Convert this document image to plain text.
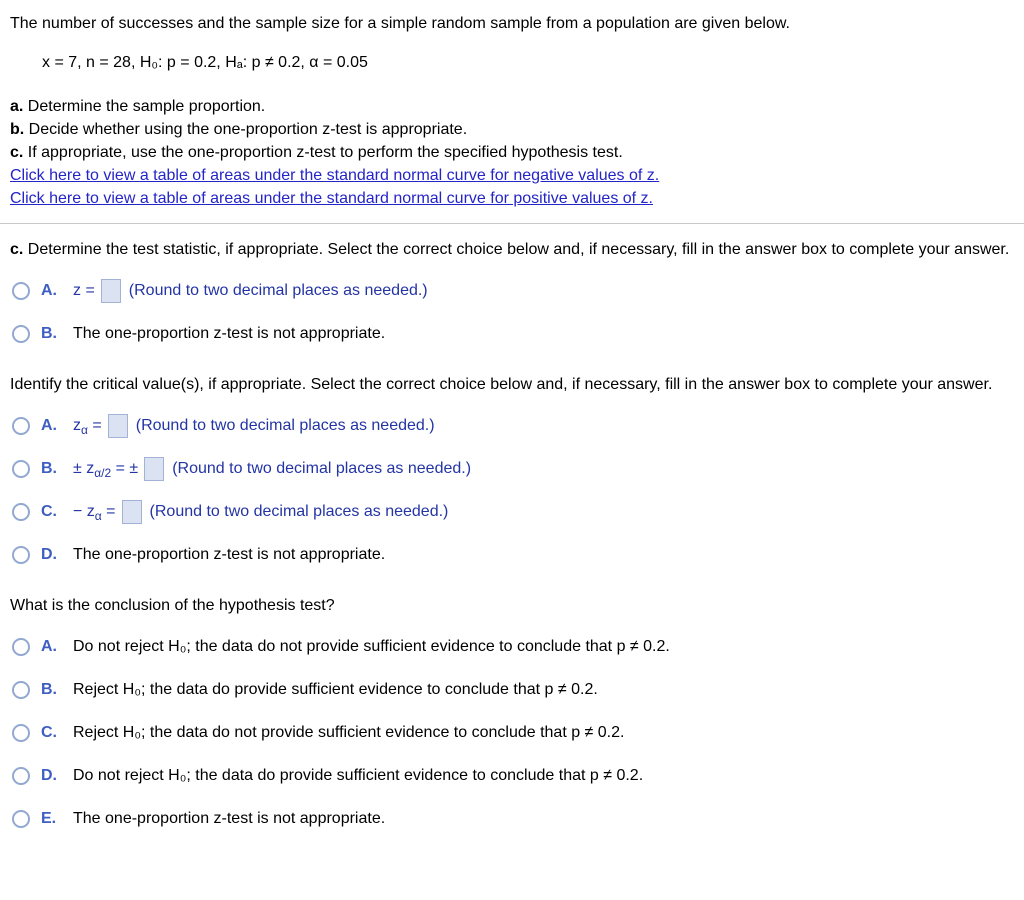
The number of successes and the sample size for a simple random sample from a population are given below.

x = 7, n = 28, H₀: p = 0.2, Hₐ: p ≠ 0.2, α = 0.05

a. Determine the sample proportion.

b. Decide whether using the one-proportion z-test is appropriate.

c. If appropriate, use the one-proportion z-test to perform the specified hypothesis test.

Click here to view a table of areas under the standard normal curve for negative values of z.

Click here to view a table of areas under the standard normal curve for positive values of z.

c. Determine the test statistic, if appropriate. Select the correct choice below and, if necessary, fill in the answer box to complete your answer.

A.	z = (Round to two decimal places as needed.)
B.	The one-proportion z-test is not appropriate.

Identify the critical value(s), if appropriate. Select the correct choice below and, if necessary, fill in the answer box to complete your answer.

A.	$z_\alpha$ = (Round to two decimal places as needed.)
B.	± $z_{\alpha/2}$ = ± (Round to two decimal places as needed.)
C.	− $z_\alpha$ = (Round to two decimal places as needed.)
D.	The one-proportion z-test is not appropriate.

What is the conclusion of the hypothesis test?

A.	Do not reject H₀; the data do not provide sufficient evidence to conclude that p ≠ 0.2.
B.	Reject H₀; the data do provide sufficient evidence to conclude that p ≠ 0.2.
C.	Reject H₀; the data do not provide sufficient evidence to conclude that p ≠ 0.2.
D.	Do not reject H₀; the data do provide sufficient evidence to conclude that p ≠ 0.2.
E.	The one-proportion z-test is not appropriate.
